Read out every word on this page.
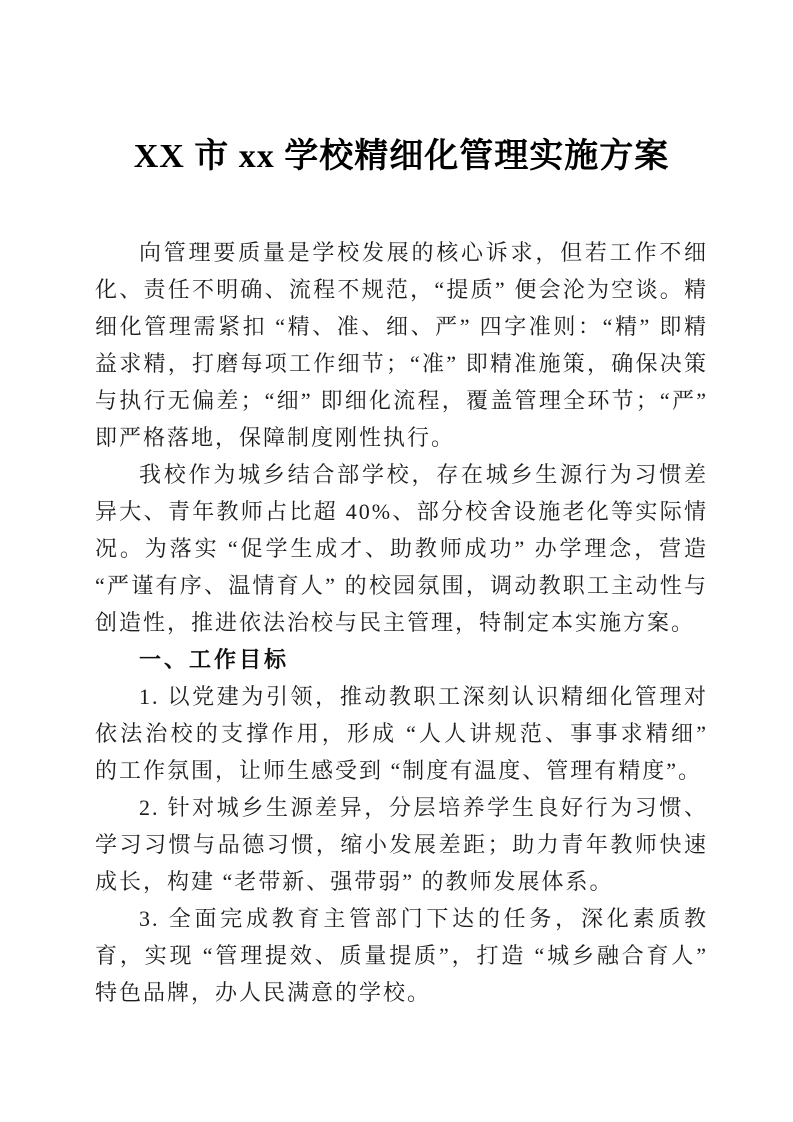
XX 市 xx 学校精细化管理实施方案

向管理要质量是学校发展的核心诉求，但若工作不细化、责任不明确、流程不规范，“提质” 便会沦为空谈。精细化管理需紧扣 “精、准、细、严” 四字准则：“精” 即精益求精，打磨每项工作细节；“准” 即精准施策，确保决策与执行无偏差；“细” 即细化流程，覆盖管理全环节；“严” 即严格落地，保障制度刚性执行。

我校作为城乡结合部学校，存在城乡生源行为习惯差异大、青年教师占比超 40%、部分校舍设施老化等实际情况。为落实 “促学生成才、助教师成功” 办学理念，营造 “严谨有序、温情育人” 的校园氛围，调动教职工主动性与创造性，推进依法治校与民主管理，特制定本实施方案。

一、工作目标

1. 以党建为引领，推动教职工深刻认识精细化管理对依法治校的支撑作用，形成 “人人讲规范、事事求精细” 的工作氛围，让师生感受到 “制度有温度、管理有精度”。

2. 针对城乡生源差异，分层培养学生良好行为习惯、学习习惯与品德习惯，缩小发展差距；助力青年教师快速成长，构建 “老带新、强带弱” 的教师发展体系。

3. 全面完成教育主管部门下达的任务，深化素质教育，实现 “管理提效、质量提质”，打造 “城乡融合育人” 特色品牌，办人民满意的学校。
